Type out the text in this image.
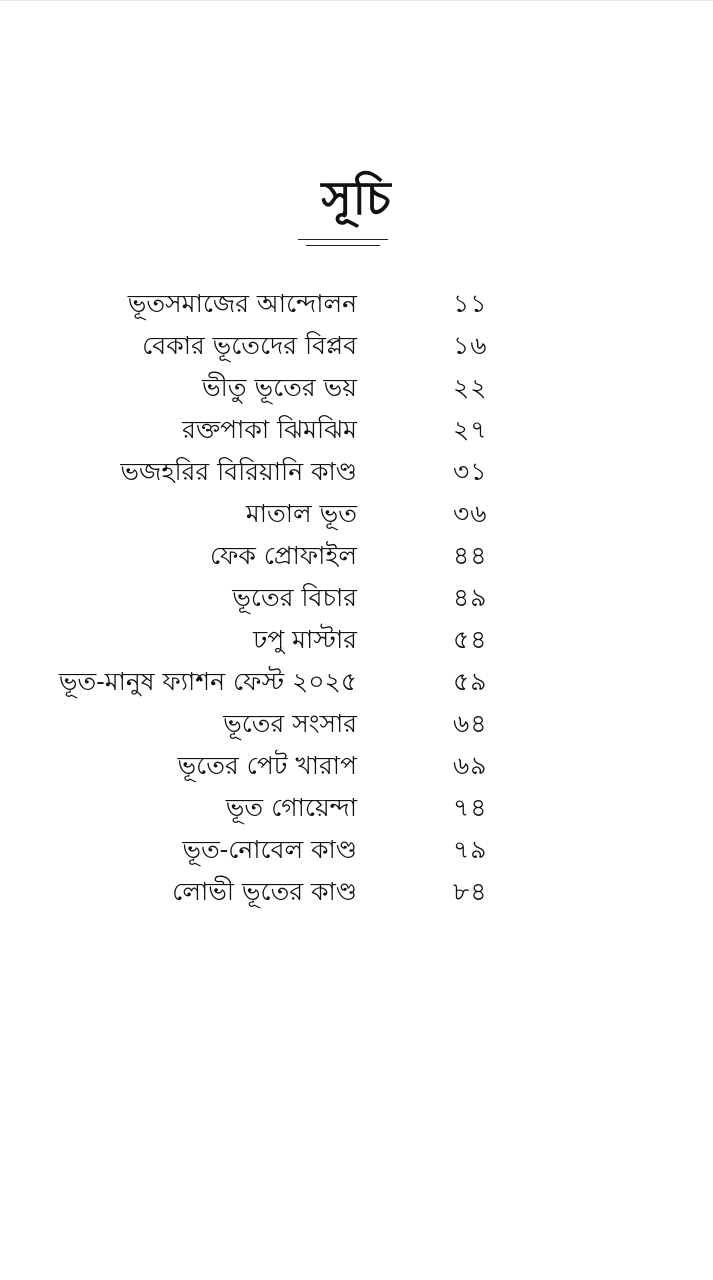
সূচি
ভূতসমাজের আন্দোলন	১১
বেকার ভূতেদের বিপ্লব	১৬
ভীতু ভূতের ভয়	২২
রক্তপাকা ঝিমঝিম	২৭
ভজহরির বিরিয়ানি কাণ্ড	৩১
মাতাল ভূত	৩৬
ফেক প্রোফাইল	৪৪
ভূতের বিচার	৪৯
ঢপু মাস্টার	৫৪
ভূত-মানুষ ফ্যাশন ফেস্ট ২০২৫	৫৯
ভূতের সংসার	৬৪
ভূতের পেট খারাপ	৬৯
ভূত গোয়েন্দা	৭৪
ভূত-নোবেল কাণ্ড	৭৯
লোভী ভূতের কাণ্ড	৮৪
